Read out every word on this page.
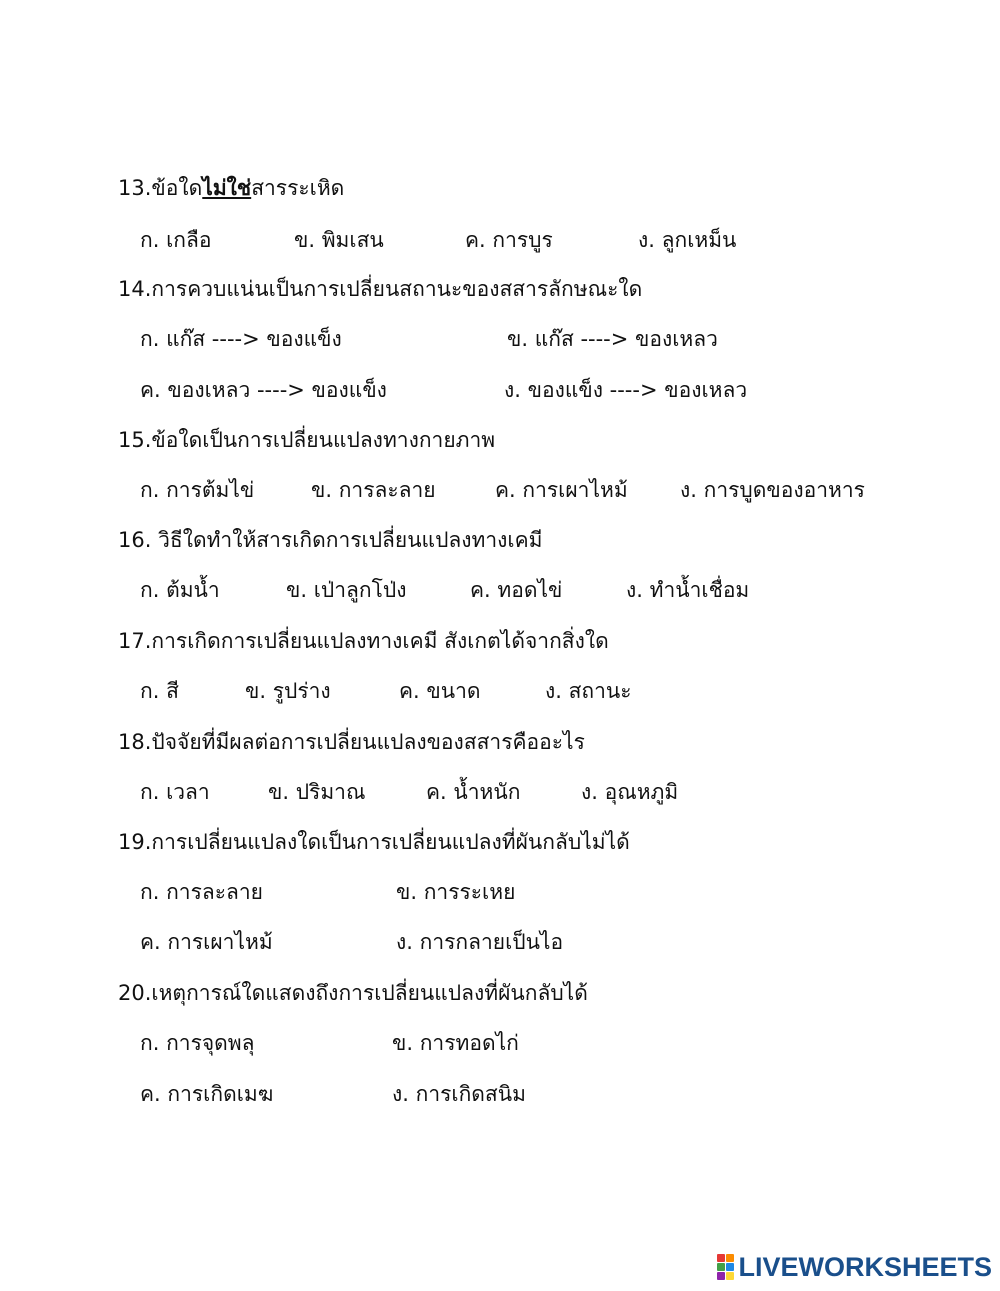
13.ข้อใดไม่ใช่สารระเหิด
ก. เกลือ	ข. พิมเสน	ค. การบูร	ง. ลูกเหม็น
14.การควบแน่นเป็นการเปลี่ยนสถานะของสสารลักษณะใด
ก. แก๊ส ----> ของแข็ง	ข. แก๊ส ----> ของเหลว
ค. ของเหลว ----> ของแข็ง	ง. ของแข็ง ----> ของเหลว
15.ข้อใดเป็นการเปลี่ยนแปลงทางกายภาพ
ก. การต้มไข่	ข. การละลาย	ค. การเผาไหม้ ง. การบูดของอาหาร
16. วิธีใดทำให้สารเกิดการเปลี่ยนแปลงทางเคมี
ก. ต้มน้ำ	ข. เป่าลูกโป่ง	ค. ทอดไข่	ง. ทำน้ำเชื่อม
17.การเกิดการเปลี่ยนแปลงทางเคมี สังเกตได้จากสิ่งใด
ก. สี	ข. รูปร่าง	ค. ขนาด	ง. สถานะ
18.ปัจจัยที่มีผลต่อการเปลี่ยนแปลงของสสารคืออะไร
ก. เวลา	ข. ปริมาณ	ค. น้ำหนัก	ง. อุณหภูมิ
19.การเปลี่ยนแปลงใดเป็นการเปลี่ยนแปลงที่ผันกลับไม่ได้
ก. การละลาย	ข. การระเหย
ค. การเผาไหม้	ง. การกลายเป็นไอ
20.เหตุการณ์ใดแสดงถึงการเปลี่ยนแปลงที่ผันกลับได้
ก. การจุดพลุ	ข. การทอดไก่
ค. การเกิดเมฆ	ง. การเกิดสนิม
LIVEWORKSHEETS
